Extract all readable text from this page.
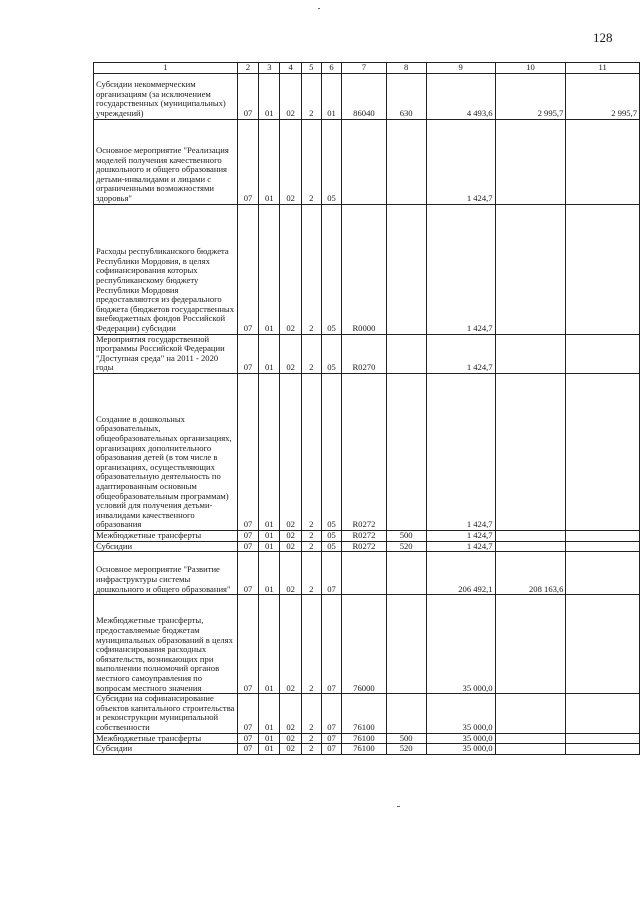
128
1	2	3	4	5	6	7	8	9	10	11
Субсидии некоммерческим организациям (за исключением государственных (муниципальных) учреждений)	07	01	02	2	01	86040	630	4 493,6	2 995,7	2 995,7
Основное мероприятие "Реализация моделей получения качественного дошкольного и общего образования детьми-инвалидами и лицами с ограниченными возможностями здоровья"	07	01	02	2	05			1 424,7		
Расходы республиканского бюджета Республики Мордовия, в целях софинансирования которых республиканскому бюджету Республики Мордовия предоставляются из федерального бюджета (бюджетов государственных внебюджетных фондов Российской Федерации) субсидии	07	01	02	2	05	R0000		1 424,7		
Мероприятия государственной программы Российской Федерации "Доступная среда" на 2011 - 2020 годы	07	01	02	2	05	R0270		1 424,7		
Создание в дошкольных образовательных, общеобразовательных организациях, организациях дополнительного образования детей (в том числе в организациях, осуществляющих образовательную деятельность по адаптированным основным общеобразовательным программам) условий для получения детьми-инвалидами качественного образования	07	01	02	2	05	R0272		1 424,7		
Межбюджетные трансферты	07	01	02	2	05	R0272	500	1 424,7		
Субсидии	07	01	02	2	05	R0272	520	1 424,7		
Основное мероприятие "Развитие инфраструктуры системы дошкольного и общего образования"	07	01	02	2	07			206 492,1	208 163,6	
Межбюджетные трансферты, предоставляемые бюджетам муниципальных образований в целях софинансирования расходных обязательств, возникающих при выполнении полномочий органов местного самоуправления по вопросам местного значения	07	01	02	2	07	76000		35 000,0		
Субсидии на софинансирование объектов капитального строительства и реконструкции муниципальной собственности	07	01	02	2	07	76100		35 000,0		
Межбюджетные трансферты	07	01	02	2	07	76100	500	35 000,0		
Субсидии	07	01	02	2	07	76100	520	35 000,0		
